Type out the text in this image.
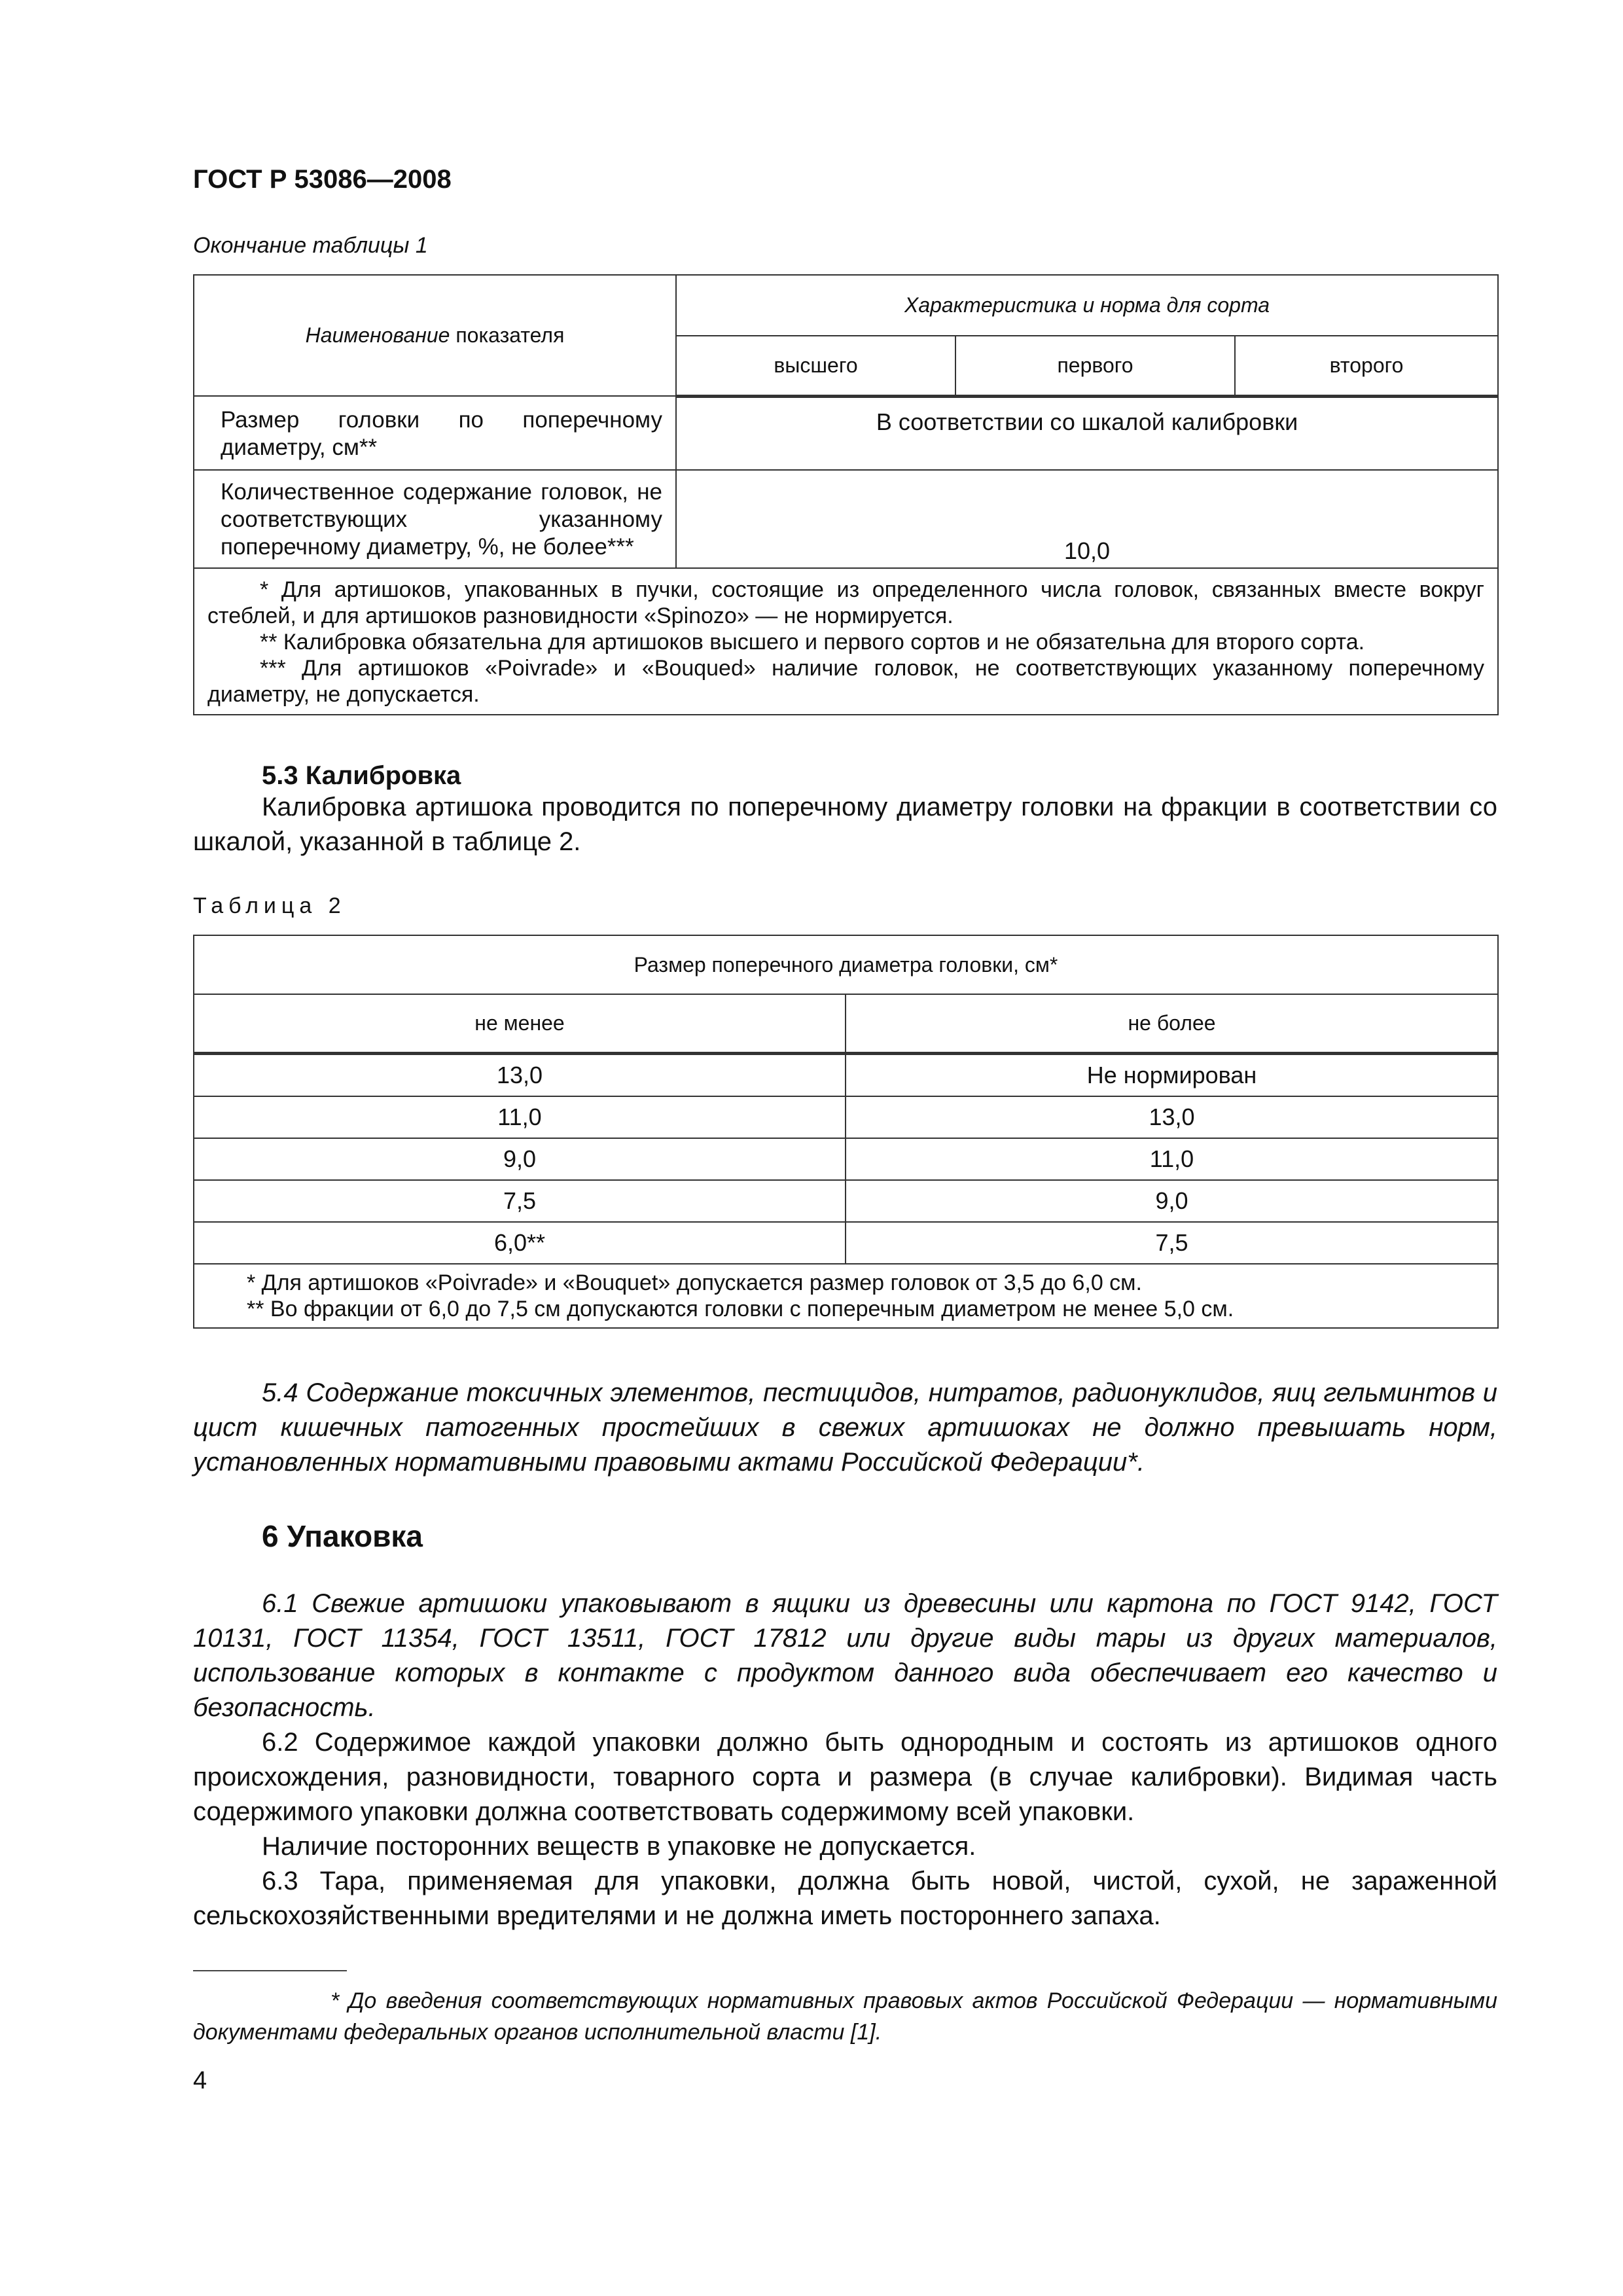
ГОСТ Р 53086—2008
Окончание таблицы 1
Наименование показателя	Характеристика и норма для сорта		
	высшего	первого	второго
Размер головки по поперечному диаметру, см**	В соответствии со шкалой калибровки		
Количественное содержание головок, не соответствующих указанному поперечному диаметру, %, не более***	10,0		

* Для артишоков, упакованных в пучки, состоящие из определенного числа головок, связанных вместе вокруг стеблей, и для артишоков разновидности «Spinozo» — не нормируется.

** Калибровка обязательна для артишоков высшего и первого сортов и не обязательна для второго сорта.

*** Для артишоков «Poivrade» и «Bouqued» наличие головок, не соответствующих указанному поперечному диаметру, не допускается.			

5.3 Калибровка

Калибровка артишока проводится по поперечному диаметру головки на фракции в соответствии со шкалой, указанной в таблице 2.

Таблица 2
Размер поперечного диаметра головки, см*	
не менее	не более
13,0	Не нормирован
11,0	13,0
9,0	11,0
7,5	9,0
6,0**	7,5

* Для артишоков «Poivrade» и «Bouquet» допускается размер головок от 3,5 до 6,0 см.

** Во фракции от 6,0 до 7,5 см допускаются головки с поперечным диаметром не менее 5,0 см.	

5.4 Содержание токсичных элементов, пестицидов, нитратов, радионуклидов, яиц гельминтов и цист кишечных патогенных простейших в свежих артишоках не должно превышать норм, установленных нормативными правовыми актами Российской Федерации*.

6 Упаковка

6.1 Свежие артишоки упаковывают в ящики из древесины или картона по ГОСТ 9142, ГОСТ 10131, ГОСТ 11354, ГОСТ 13511, ГОСТ 17812 или другие виды тары из других материалов, использование которых в контакте с продуктом данного вида обеспечивает его качество и безопасность.

6.2 Содержимое каждой упаковки должно быть однородным и состоять из артишоков одного происхождения, разновидности, товарного сорта и размера (в случае калибровки). Видимая часть содержимого упаковки должна соответствовать содержимому всей упаковки.

Наличие посторонних веществ в упаковке не допускается.

6.3 Тара, применяемая для упаковки, должна быть новой, чистой, сухой, не зараженной сельскохозяйственными вредителями и не должна иметь постороннего запаха.

* До введения соответствующих нормативных правовых актов Российской Федерации — нормативными документами федеральных органов исполнительной власти [1].

4
